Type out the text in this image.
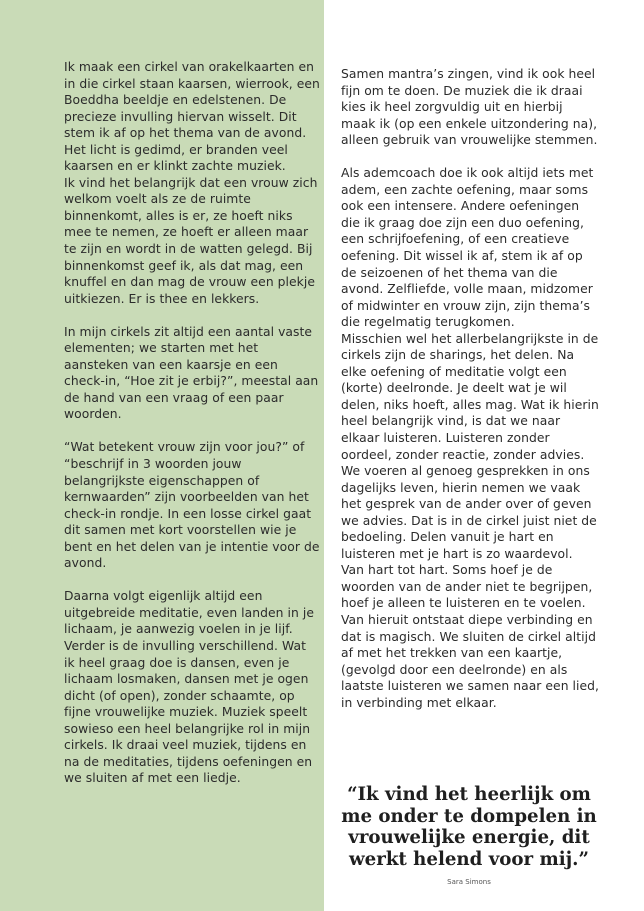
Ik maak een cirkel van orakelkaarten en in die cirkel staan kaarsen, wierrook, een Boeddha beeldje en edelstenen. De precieze invulling hiervan wisselt. Dit stem ik af op het thema van de avond. Het licht is gedimd, er branden veel kaarsen en er klinkt zachte muziek.

Ik vind het belangrijk dat een vrouw zich welkom voelt als ze de ruimte binnenkomt, alles is er, ze hoeft niks mee te nemen, ze hoeft er alleen maar te zijn en wordt in de watten gelegd. Bij binnenkomst geef ik, als dat mag, een knuffel en dan mag de vrouw een plekje uitkiezen. Er is thee en lekkers.

In mijn cirkels zit altijd een aantal vaste elementen; we starten met het aansteken van een kaarsje en een check-in, “Hoe zit je erbij?”, meestal aan de hand van een vraag of een paar woorden.

“Wat betekent vrouw zijn voor jou?” of “beschrijf in 3 woorden jouw belangrijkste eigenschappen of kernwaarden” zijn voorbeelden van het check-in rondje. In een losse cirkel gaat dit samen met kort voorstellen wie je bent en het delen van je intentie voor de avond.

Daarna volgt eigenlijk altijd een uitgebreide meditatie, even landen in je lichaam, je aanwezig voelen in je lijf.

Verder is de invulling verschillend. Wat ik heel graag doe is dansen, even je lichaam losmaken, dansen met je ogen dicht (of open), zonder schaamte, op fijne vrouwelijke muziek. Muziek speelt sowieso een heel belangrijke rol in mijn cirkels. Ik draai veel muziek, tijdens en na de meditaties, tijdens oefeningen en we sluiten af met een liedje.

Samen mantra’s zingen, vind ik ook heel fijn om te doen. De muziek die ik draai kies ik heel zorgvuldig uit en hierbij maak ik (op een enkele uitzondering na), alleen gebruik van vrouwelijke stemmen.

Als ademcoach doe ik ook altijd iets met adem, een zachte oefening, maar soms ook een intensere. Andere oefeningen die ik graag doe zijn een duo oefening, een schrijfoefening, of een creatieve oefening. Dit wissel ik af, stem ik af op de seizoenen of het thema van die avond. Zelfliefde, volle maan, midzomer of midwinter en vrouw zijn, zijn thema’s die regelmatig terugkomen.

Misschien wel het allerbelangrijkste in de cirkels zijn de sharings, het delen. Na elke oefening of meditatie volgt een (korte) deelronde. Je deelt wat je wil delen, niks hoeft, alles mag. Wat ik hierin heel belangrijk vind, is dat we naar elkaar luisteren. Luisteren zonder oordeel, zonder reactie, zonder advies. We voeren al genoeg gesprekken in ons dagelijks leven, hierin nemen we vaak het gesprek van de ander over of geven we advies. Dat is in de cirkel juist niet de bedoeling. Delen vanuit je hart en luisteren met je hart is zo waardevol. Van hart tot hart. Soms hoef je de woorden van de ander niet te begrijpen, hoef je alleen te luisteren en te voelen. Van hieruit ontstaat diepe verbinding en dat is magisch. We sluiten de cirkel altijd af met het trekken van een kaartje, (gevolgd door een deelronde) en als laatste luisteren we samen naar een lied, in verbinding met elkaar.

“Ik vind het heerlijk om me onder te dompelen in vrouwelijke energie, dit werkt helend voor mij.”
Sara Simons
